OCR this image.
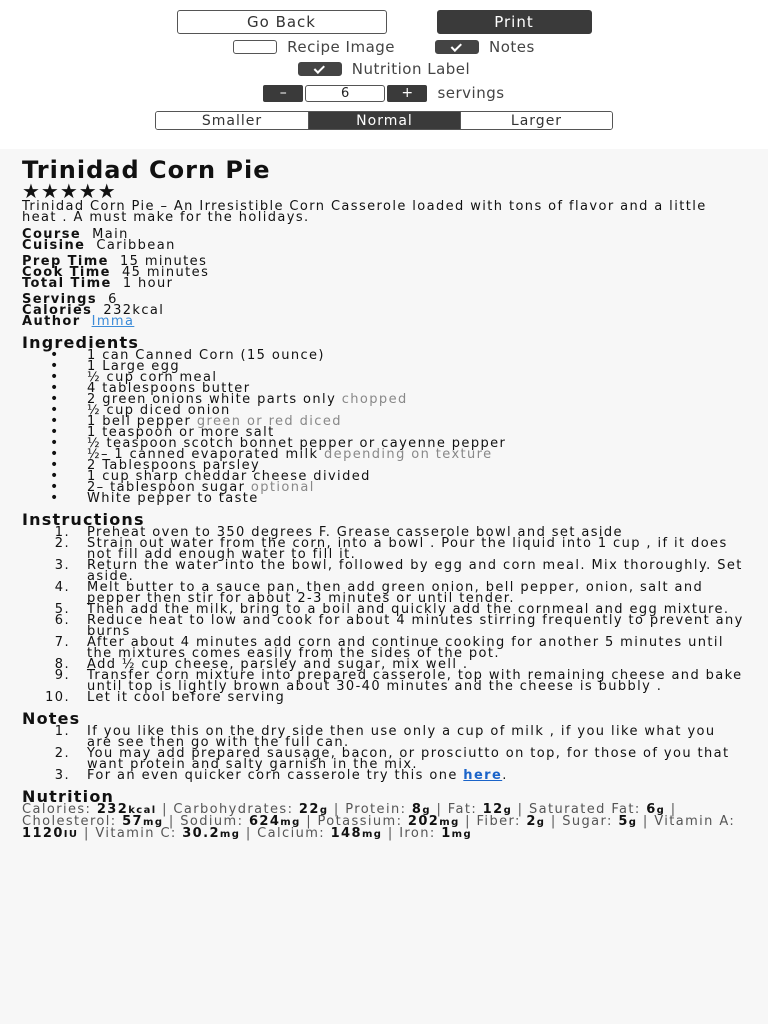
Go Back	Print
Recipe Image	Notes
Nutrition Label
–	6	+	servings
Smaller	Normal	Larger
Trinidad Corn Pie
★★★★★
Trinidad Corn Pie – An Irresistible Corn Casserole loaded with tons of flavor and a little heat . A must make for the holidays.
Course Main
Cuisine Caribbean
Prep Time 15 minutes
Cook Time 45 minutes
Total Time 1 hour
Servings 6
Calories 232kcal
Author Imma
Ingredients
• 1 can Canned Corn (15 ounce)
• 1 Large egg
• ½ cup corn meal
• 4 tablespoons butter
• 2 green onions white parts only chopped
• ½ cup diced onion
• 1 bell pepper green or red diced
• 1 teaspoon or more salt
• ½ teaspoon scotch bonnet pepper or cayenne pepper
• ½– 1 canned evaporated milk depending on texture
• 2 Tablespoons parsley
• 1 cup sharp cheddar cheese divided
• 2– tablespoon sugar optional
• White pepper to taste
Instructions
1. Preheat oven to 350 degrees F. Grease casserole bowl and set aside
2. Strain out water from the corn, into a bowl . Pour the liquid into 1 cup , if it does not fill add enough water to fill it.
3. Return the water into the bowl, followed by egg and corn meal. Mix thoroughly. Set aside.
4. Melt butter to a sauce pan, then add green onion, bell pepper, onion, salt and pepper then stir for about 2-3 minutes or until tender.
5. Then add the milk, bring to a boil and quickly add the cornmeal and egg mixture.
6. Reduce heat to low and cook for about 4 minutes stirring frequently to prevent any burns
7. After about 4 minutes add corn and continue cooking for another 5 minutes until the mixtures comes easily from the sides of the pot.
8. Add ½ cup cheese, parsley and sugar, mix well .
9. Transfer corn mixture into prepared casserole, top with remaining cheese and bake until top is lightly brown about 30-40 minutes and the cheese is bubbly .
10. Let it cool before serving
Notes
1. If you like this on the dry side then use only a cup of milk , if you like what you are see then go with the full can.
2. You may add prepared sausage, bacon, or prosciutto on top, for those of you that want protein and salty garnish in the mix.
3. For an even quicker corn casserole try this one here.
Nutrition
Calories: 232kcal | Carbohydrates: 22g | Protein: 8g | Fat: 12g | Saturated Fat: 6g | Cholesterol: 57mg | Sodium: 624mg | Potassium: 202mg | Fiber: 2g | Sugar: 5g | Vitamin A: 1120IU | Vitamin C: 30.2mg | Calcium: 148mg | Iron: 1mg
